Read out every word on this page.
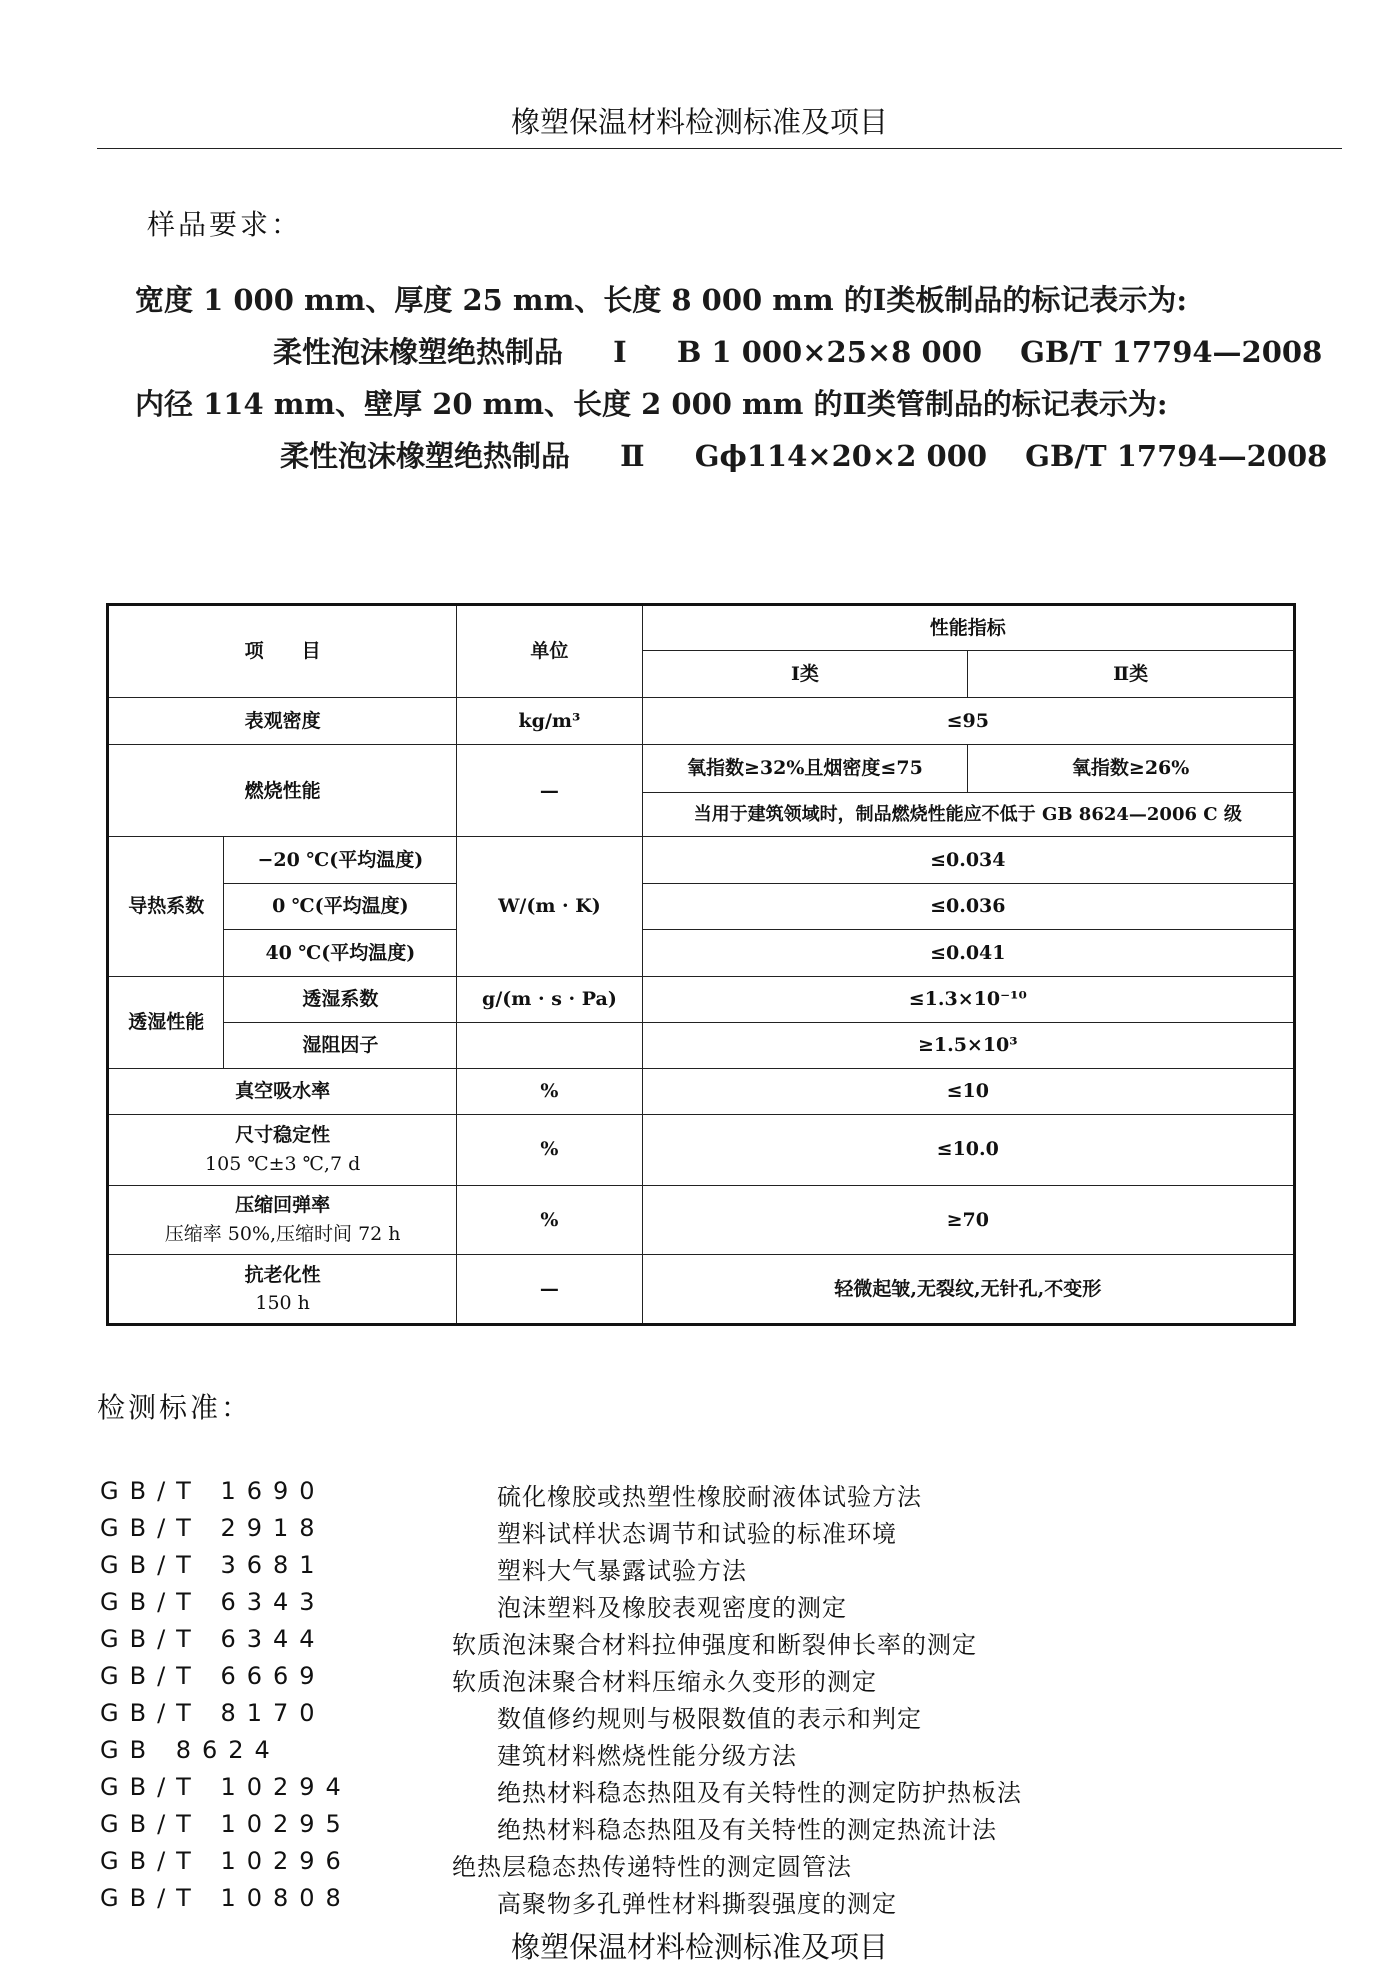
橡塑保温材料检测标准及项目
样品要求：
宽度 1 000 mm、厚度 25 mm、长度 8 000 mm 的Ⅰ类板制品的标记表示为:
柔性泡沫橡塑绝热制品 Ⅰ B 1 000×25×8 000 GB/T 17794—2008
内径 114 mm、壁厚 20 mm、长度 2 000 mm 的Ⅱ类管制品的标记表示为:
柔性泡沫橡塑绝热制品 Ⅱ Gϕ114×20×2 000 GB/T 17794—2008
项　　目		单位	性能指标	
			Ⅰ类	Ⅱ类
表观密度		kg/m³	≤95	
燃烧性能		—	氧指数≥32%且烟密度≤75	氧指数≥26%
			当用于建筑领域时，制品燃烧性能应不低于 GB 8624—2006 C 级	
导热系数	−20 ℃(平均温度)	W/(m · K)	≤0.034	
	0 ℃(平均温度)		≤0.036	
	40 ℃(平均温度)		≤0.041	
透湿性能	透湿系数	g/(m · s · Pa)	≤1.3×10⁻¹⁰	
	湿阻因子		≥1.5×10³	
真空吸水率		%	≤10	

尺寸稳定性
105 ℃±3 ℃,7 d		%	≤10.0	

压缩回弹率
压缩率 50%,压缩时间 72 h		%	≥70	

抗老化性
150 h		—	轻微起皱,无裂纹,无针孔,不变形	
检测标准：
GB/T 1690	硫化橡胶或热塑性橡胶耐液体试验方法
GB/T 2918	塑料试样状态调节和试验的标准环境
GB/T 3681	塑料大气暴露试验方法
GB/T 6343	泡沫塑料及橡胶表观密度的测定
GB/T 6344	软质泡沫聚合材料拉伸强度和断裂伸长率的测定
GB/T 6669	软质泡沫聚合材料压缩永久变形的测定
GB/T 8170	数值修约规则与极限数值的表示和判定
GB 8624	建筑材料燃烧性能分级方法
GB/T 10294	绝热材料稳态热阻及有关特性的测定防护热板法
GB/T 10295	绝热材料稳态热阻及有关特性的测定热流计法
GB/T 10296	绝热层稳态热传递特性的测定圆管法
GB/T 10808	高聚物多孔弹性材料撕裂强度的测定
橡塑保温材料检测标准及项目
